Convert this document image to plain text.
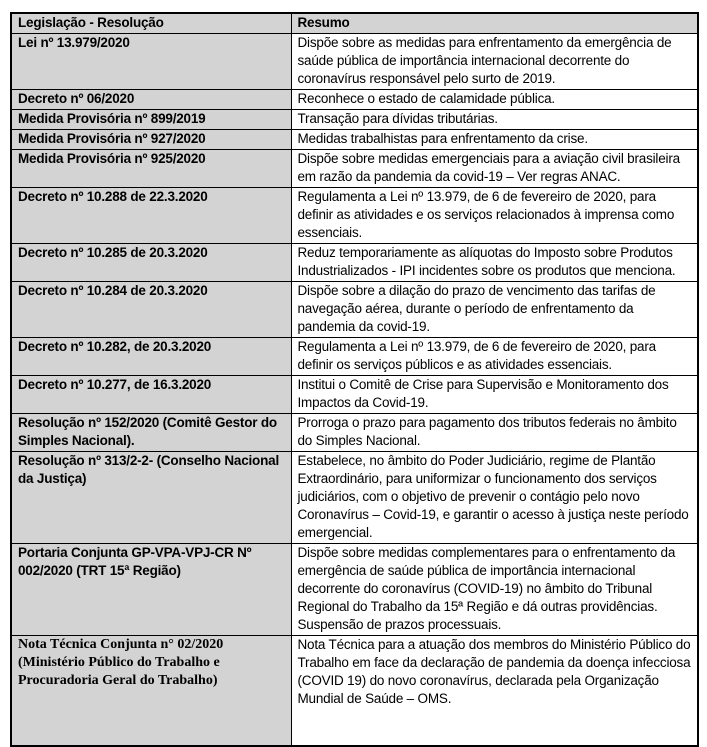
Legislação - Resolução	Resumo
Lei nº 13.979/2020	Dispõe sobre as medidas para enfrentamento da emergência de saúde pública de importância internacional decorrente do coronavírus responsável pelo surto de 2019.
Decreto nº 06/2020	Reconhece o estado de calamidade pública.
Medida Provisória nº 899/2019	Transação para dívidas tributárias.
Medida Provisória nº 927/2020	Medidas trabalhistas para enfrentamento da crise.
Medida Provisória nº 925/2020	Dispõe sobre medidas emergenciais para a aviação civil brasileira em razão da pandemia da covid-19 – Ver regras ANAC.
Decreto nº 10.288 de 22.3.2020	Regulamenta a Lei nº 13.979, de 6 de fevereiro de 2020, para definir as atividades e os serviços relacionados à imprensa como essenciais.
Decreto nº 10.285 de 20.3.2020	Reduz temporariamente as alíquotas do Imposto sobre Produtos Industrializados - IPI incidentes sobre os produtos que menciona.
Decreto nº 10.284 de 20.3.2020	Dispõe sobre a dilação do prazo de vencimento das tarifas de navegação aérea, durante o período de enfrentamento da pandemia da covid-19.
Decreto nº 10.282, de 20.3.2020	Regulamenta a Lei nº 13.979, de 6 de fevereiro de 2020, para definir os serviços públicos e as atividades essenciais.
Decreto nº 10.277, de 16.3.2020	Institui o Comitê de Crise para Supervisão e Monitoramento dos Impactos da Covid-19.
Resolução nº 152/2020 (Comitê Gestor do Simples Nacional).	Prorroga o prazo para pagamento dos tributos federais no âmbito do Simples Nacional.
Resolução nº 313/2-2- (Conselho Nacional da Justiça)	Estabelece, no âmbito do Poder Judiciário, regime de Plantão Extraordinário, para uniformizar o funcionamento dos serviços judiciários, com o objetivo de prevenir o contágio pelo novo Coronavírus – Covid-19, e garantir o acesso à justiça neste período emergencial.
Portaria Conjunta GP-VPA-VPJ-CR Nº 002/2020 (TRT 15ª Região)	Dispõe sobre medidas complementares para o enfrentamento da emergência de saúde pública de importância internacional decorrente do coronavírus (COVID-19) no âmbito do Tribunal Regional do Trabalho da 15ª Região e dá outras providências. Suspensão de prazos processuais.
Nota Técnica Conjunta n° 02/2020 (Ministério Público do Trabalho e Procuradoria Geral do Trabalho)	Nota Técnica para a atuação dos membros do Ministério Público do Trabalho em face da declaração de pandemia da doença infecciosa (COVID 19) do novo coronavírus, declarada pela Organização Mundial de Saúde – OMS.
